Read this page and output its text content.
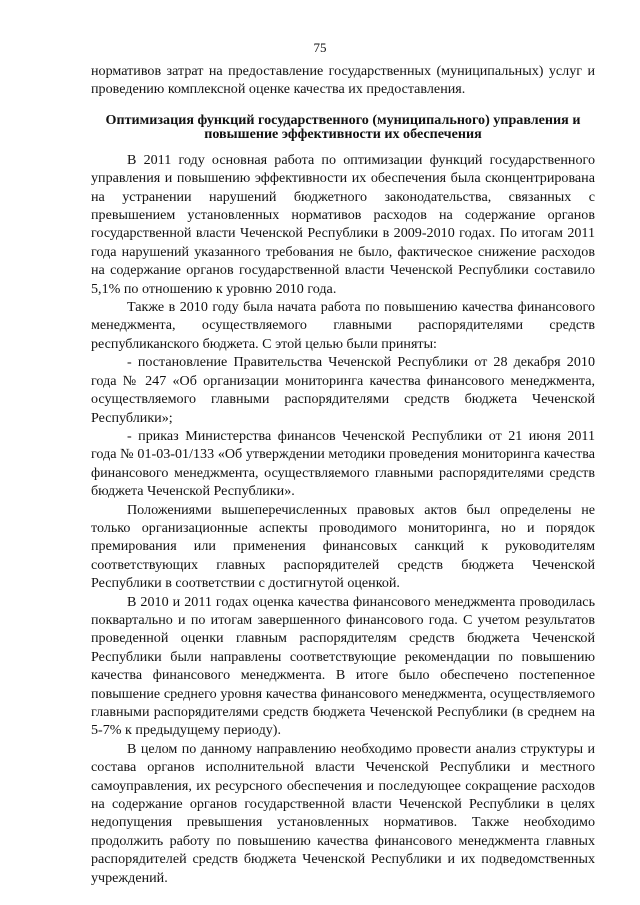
75

нормативов затрат на предоставление государственных (муниципальных) услуг и проведению комплексной оценке качества их предоставления.

Оптимизация функций государственного (муниципального) управления и повышение эффективности их обеспечения

В 2011 году основная работа по оптимизации функций государственного управления и повышению эффективности их обеспечения была сконцентрирована на устранении нарушений бюджетного законодательства, связанных с превышением установленных нормативов расходов на содержание органов государственной власти Чеченской Республики в 2009-2010 годах. По итогам 2011 года нарушений указанного требования не было, фактическое снижение расходов на содержание органов государственной власти Чеченской Республики составило 5,1% по отношению к уровню 2010 года.

Также в 2010 году была начата работа по повышению качества финансового менеджмента, осуществляемого главными распорядителями средств республиканского бюджета. С этой целью были приняты:

- постановление Правительства Чеченской Республики от 28 декабря 2010 года № 247 «Об организации мониторинга качества финансового менеджмента, осуществляемого главными распорядителями средств бюджета Чеченской Республики»;

- приказ Министерства финансов Чеченской Республики от 21 июня 2011 года № 01-03-01/133 «Об утверждении методики проведения мониторинга качества финансового менеджмента, осуществляемого главными распорядителями средств бюджета Чеченской Республики».

Положениями вышеперечисленных правовых актов был определены не только организационные аспекты проводимого мониторинга, но и порядок премирования или применения финансовых санкций к руководителям соответствующих главных распорядителей средств бюджета Чеченской Республики в соответствии с достигнутой оценкой.

В 2010 и 2011 годах оценка качества финансового менеджмента проводилась поквартально и по итогам завершенного финансового года. С учетом результатов проведенной оценки главным распорядителям средств бюджета Чеченской Республики были направлены соответствующие рекомендации по повышению качества финансового менеджмента. В итоге было обеспечено постепенное повышение среднего уровня качества финансового менеджмента, осуществляемого главными распорядителями средств бюджета Чеченской Республики (в среднем на 5-7% к предыдущему периоду).

В целом по данному направлению необходимо провести анализ структуры и состава органов исполнительной власти Чеченской Республики и местного самоуправления, их ресурсного обеспечения и последующее сокращение расходов на содержание органов государственной власти Чеченской Республики в целях недопущения превышения установленных нормативов. Также необходимо продолжить работу по повышению качества финансового менеджмента главных распорядителей средств бюджета Чеченской Республики и их подведомственных учреждений.
